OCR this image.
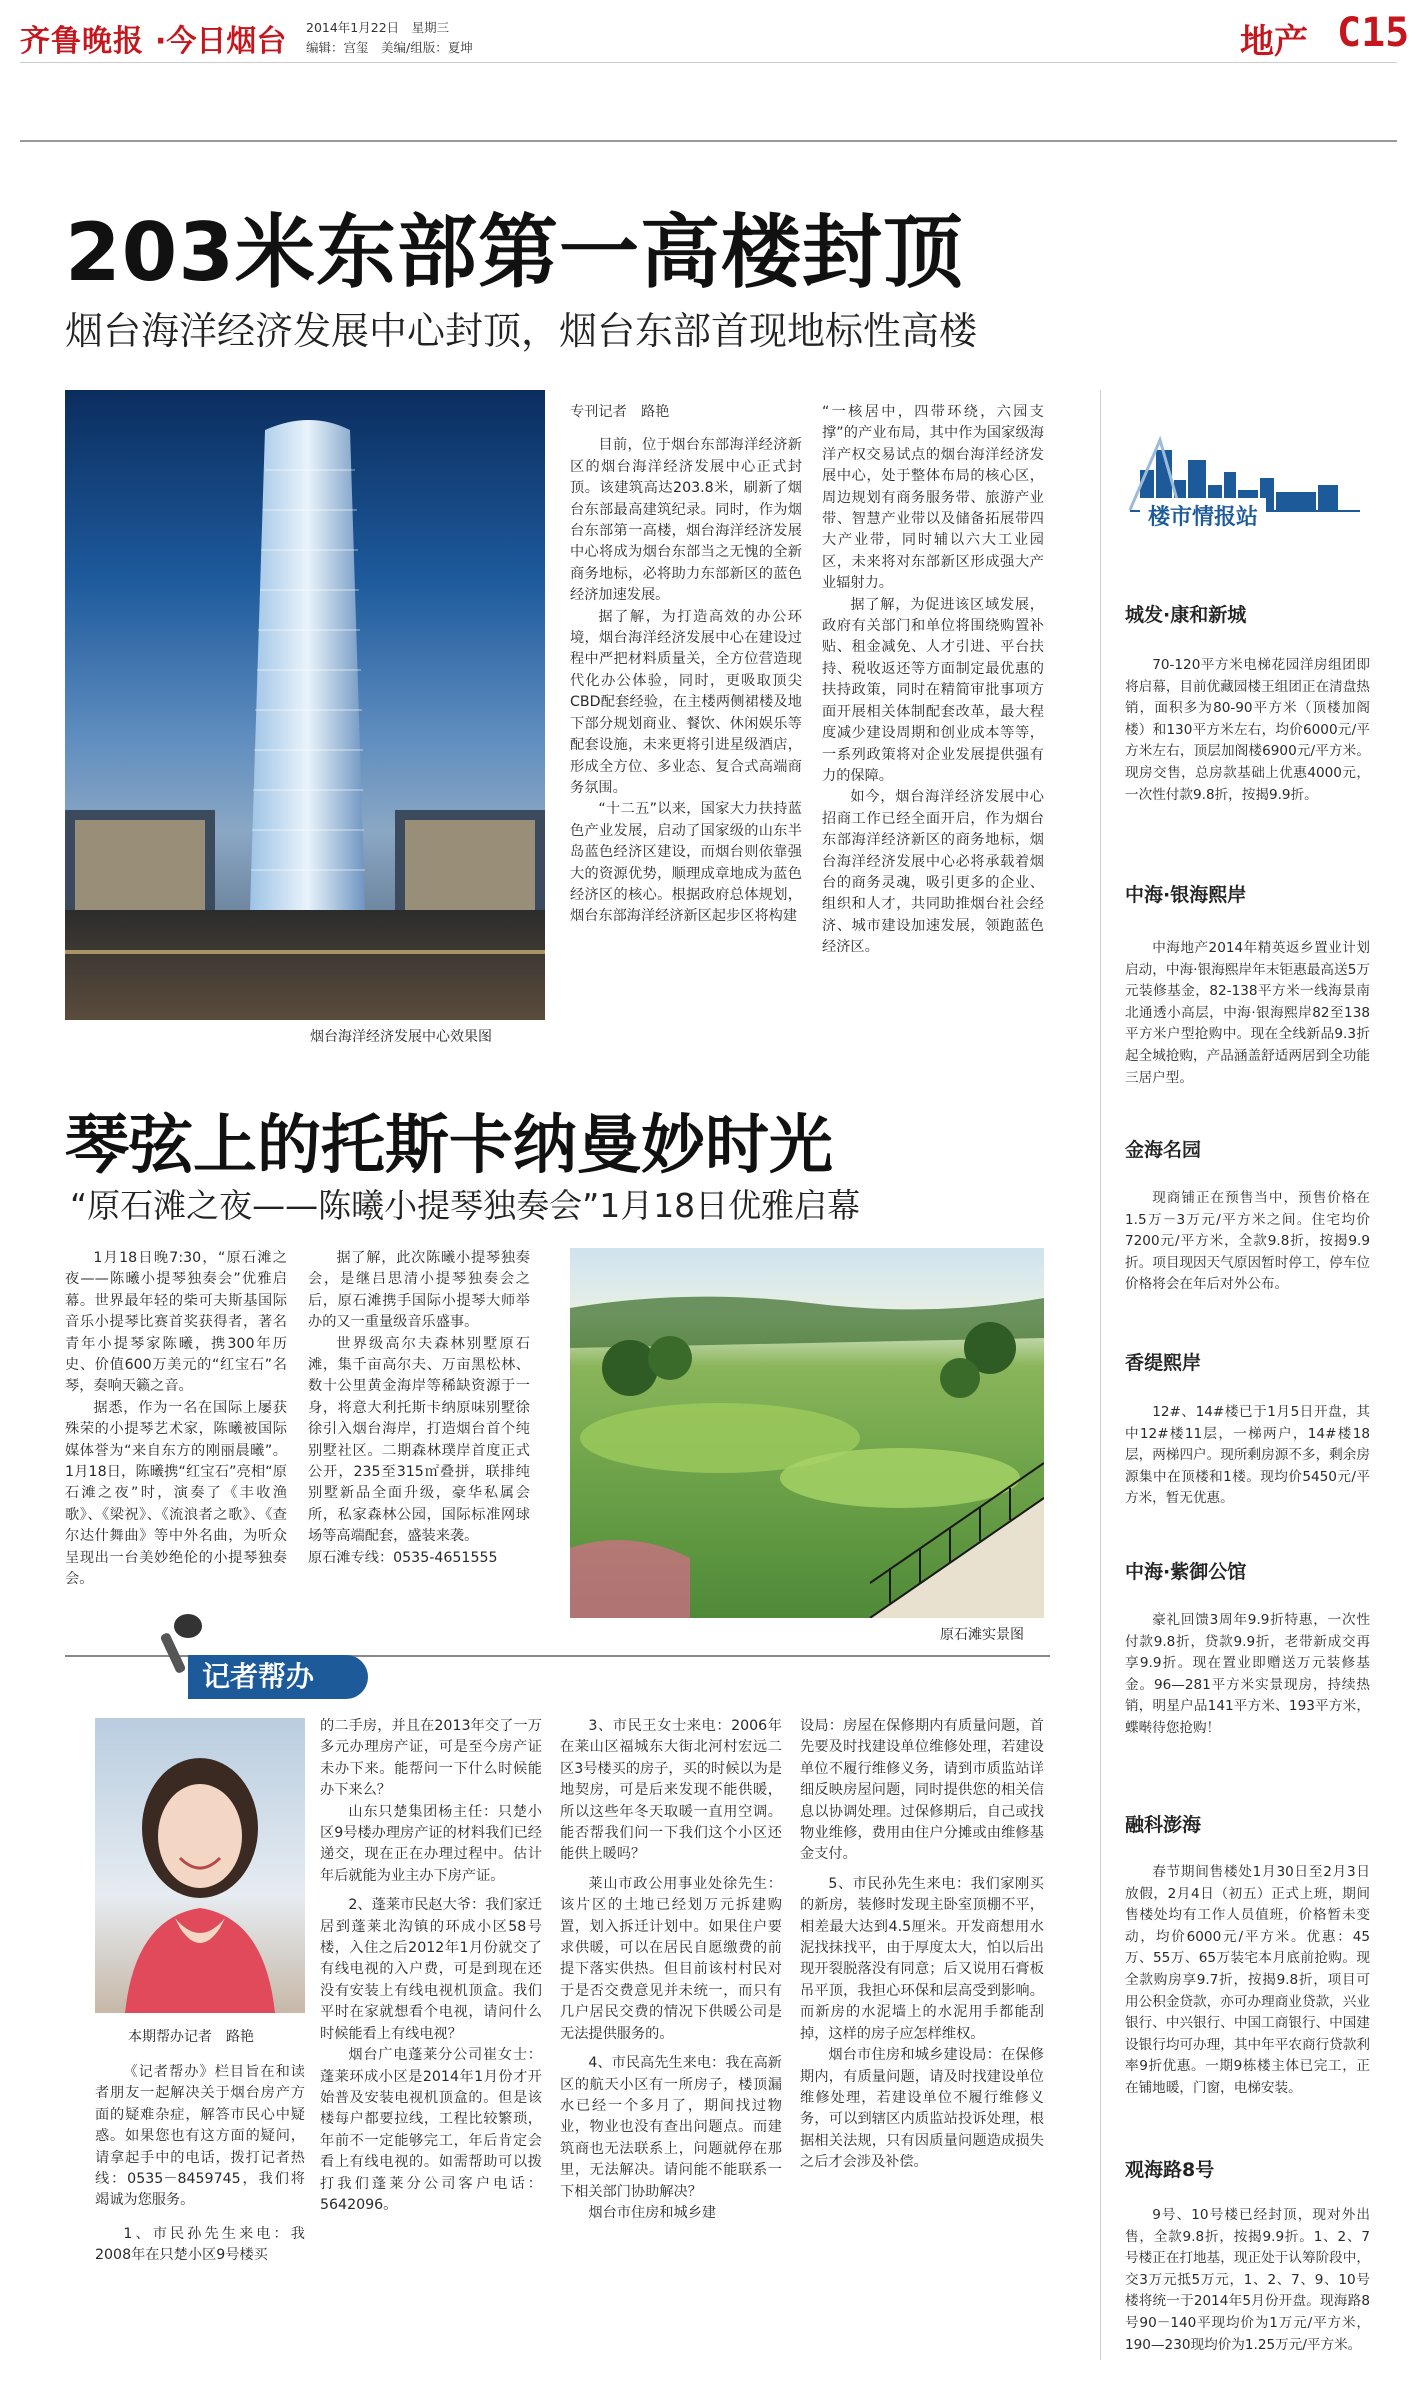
齐鲁晚报 ·今日烟台 2014年1月22日　星期三
编辑：宫玺　美编/组版：夏坤	地产 C15
203米东部第一高楼封顶
烟台海洋经济发展中心封顶，烟台东部首现地标性高楼
烟台海洋经济发展中心效果图

专刊记者　路艳

目前，位于烟台东部海洋经济新区的烟台海洋经济发展中心正式封顶。该建筑高达203.8米，刷新了烟台东部最高建筑纪录。同时，作为烟台东部第一高楼，烟台海洋经济发展中心将成为烟台东部当之无愧的全新商务地标，必将助力东部新区的蓝色经济加速发展。

据了解，为打造高效的办公环境，烟台海洋经济发展中心在建设过程中严把材料质量关，全方位营造现代化办公体验，同时，更吸取顶尖CBD配套经验，在主楼两侧裙楼及地下部分规划商业、餐饮、休闲娱乐等配套设施，未来更将引进星级酒店，形成全方位、多业态、复合式高端商务氛围。

“十二五”以来，国家大力扶持蓝色产业发展，启动了国家级的山东半岛蓝色经济区建设，而烟台则依靠强大的资源优势，顺理成章地成为蓝色经济区的核心。根据政府总体规划，烟台东部海洋经济新区起步区将构建

“一核居中，四带环绕，六园支撑”的产业布局，其中作为国家级海洋产权交易试点的烟台海洋经济发展中心，处于整体布局的核心区，周边规划有商务服务带、旅游产业带、智慧产业带以及储备拓展带四大产业带，同时辅以六大工业园区，未来将对东部新区形成强大产业辐射力。

据了解，为促进该区域发展，政府有关部门和单位将围绕购置补贴、租金减免、人才引进、平台扶持、税收返还等方面制定最优惠的扶持政策，同时在精简审批事项方面开展相关体制配套改革，最大程度减少建设周期和创业成本等等，一系列政策将对企业发展提供强有力的保障。

如今，烟台海洋经济发展中心招商工作已经全面开启，作为烟台东部海洋经济新区的商务地标，烟台海洋经济发展中心必将承载着烟台的商务灵魂，吸引更多的企业、组织和人才，共同助推烟台社会经济、城市建设加速发展，领跑蓝色经济区。

琴弦上的托斯卡纳曼妙时光
“原石滩之夜——陈曦小提琴独奏会”1月18日优雅启幕

1月18日晚7:30，“原石滩之夜——陈曦小提琴独奏会”优雅启幕。世界最年轻的柴可夫斯基国际音乐小提琴比赛首奖获得者，著名青年小提琴家陈曦，携300年历史、价值600万美元的“红宝石”名琴，奏响天籁之音。

据悉，作为一名在国际上屡获殊荣的小提琴艺术家，陈曦被国际媒体誉为“来自东方的刚丽晨曦”。1月18日，陈曦携“红宝石”亮相“原石滩之夜”时，演奏了《丰收渔歌》、《梁祝》、《流浪者之歌》、《查尔达什舞曲》等中外名曲，为听众呈现出一台美妙绝伦的小提琴独奏会。

据了解，此次陈曦小提琴独奏会，是继吕思清小提琴独奏会之后，原石滩携手国际小提琴大师举办的又一重量级音乐盛事。

世界级高尔夫森林别墅原石滩，集千亩高尔夫、万亩黑松林、数十公里黄金海岸等稀缺资源于一身，将意大利托斯卡纳原味别墅徐徐引入烟台海岸，打造烟台首个纯别墅社区。二期森林璞岸首度正式公开，235至315㎡叠拼，联排纯别墅新品全面升级，豪华私属会所，私家森林公园，国际标准网球场等高端配套，盛装来袭。

原石滩专线：0535-4651555

原石滩实景图
记者帮办
本期帮办记者　路艳

《记者帮办》栏目旨在和读者朋友一起解决关于烟台房产方面的疑难杂症，解答市民心中疑惑。如果您也有这方面的疑问，请拿起手中的电话，拨打记者热线：0535－8459745，我们将竭诚为您服务。

1、市民孙先生来电：我2008年在只楚小区9号楼买

的二手房，并且在2013年交了一万多元办理房产证，可是至今房产证未办下来。能帮问一下什么时候能办下来么？

山东只楚集团杨主任：只楚小区9号楼办理房产证的材料我们已经递交，现在正在办理过程中。估计年后就能为业主办下房产证。

2、蓬莱市民赵大爷：我们家迁居到蓬莱北沟镇的环成小区58号楼，入住之后2012年1月份就交了有线电视的入户费，可是到现在还没有安装上有线电视机顶盒。我们平时在家就想看个电视，请问什么时候能看上有线电视？

烟台广电蓬莱分公司崔女士：蓬莱环成小区是2014年1月份才开始普及安装电视机顶盒的。但是该楼每户都要拉线，工程比较繁琐，年前不一定能够完工，年后肯定会看上有线电视的。如需帮助可以拨打我们蓬莱分公司客户电话：5642096。

3、市民王女士来电：2006年在莱山区福城东大街北河村宏远二区3号楼买的房子，买的时候以为是地契房，可是后来发现不能供暖，所以这些年冬天取暖一直用空调。能否帮我们问一下我们这个小区还能供上暖吗？

莱山市政公用事业处徐先生：该片区的土地已经划万元拆建购置，划入拆迁计划中。如果住户要求供暖，可以在居民自愿缴费的前提下落实供热。但目前该村村民对于是否交费意见并未统一，而只有几户居民交费的情况下供暖公司是无法提供服务的。

4、市民高先生来电：我在高新区的航天小区有一所房子，楼顶漏水已经一个多月了，期间找过物业，物业也没有查出问题点。而建筑商也无法联系上，问题就停在那里，无法解决。请问能不能联系一下相关部门协助解决？

烟台市住房和城乡建

设局：房屋在保修期内有质量问题，首先要及时找建设单位维修处理，若建设单位不履行维修义务，请到市质监站详细反映房屋问题，同时提供您的相关信息以协调处理。过保修期后，自己或找物业维修，费用由住户分摊或由维修基金支付。

5、市民孙先生来电：我们家刚买的新房，装修时发现主卧室顶棚不平，相差最大达到4.5厘米。开发商想用水泥找抹找平，由于厚度太大，怕以后出现开裂脱落没有同意；后又说用石膏板吊平顶，我担心环保和层高受到影响。而新房的水泥墙上的水泥用手都能刮掉，这样的房子应怎样维权。

烟台市住房和城乡建设局：在保修期内，有质量问题，请及时找建设单位维修处理，若建设单位不履行维修义务，可以到辖区内质监站投诉处理，根据相关法规，只有因质量问题造成损失之后才会涉及补偿。

楼市情报站
城发·康和新城

70-120平方米电梯花园洋房组团即将启幕，目前优藏园楼王组团正在清盘热销，面积多为80-90平方米（顶楼加阁楼）和130平方米左右，均价6000元/平方米左右，顶层加阁楼6900元/平方米。现房交售，总房款基础上优惠4000元，一次性付款9.8折，按揭9.9折。

中海·银海熙岸

中海地产2014年精英返乡置业计划启动，中海·银海熙岸年末钜惠最高送5万元装修基金，82-138平方米一线海景南北通透小高层，中海·银海熙岸82至138平方米户型抢购中。现在全线新品9.3折起全城抢购，产品涵盖舒适两居到全功能三居户型。

金海名园

现商铺正在预售当中，预售价格在1.5万－3万元/平方米之间。住宅均价7200元/平方米，全款9.8折，按揭9.9折。项目现因天气原因暂时停工，停车位价格将会在年后对外公布。

香缇熙岸

12#、14#楼已于1月5日开盘，其中12#楼11层，一梯两户，14#楼18层，两梯四户。现所剩房源不多，剩余房源集中在顶楼和1楼。现均价5450元/平方米，暂无优惠。

中海·紫御公馆

豪礼回馈3周年9.9折特惠，一次性付款9.8折，贷款9.9折，老带新成交再享9.9折。现在置业即赠送万元装修基金。96—281平方米实景现房，持续热销，明星户品141平方米、193平方米，蝶啭待您抢购！

融科澎海

春节期间售楼处1月30日至2月3日放假，2月4日（初五）正式上班，期间售楼处均有工作人员值班，价格暂未变动，均价6000元/平方米。优惠：45万、55万、65万装宅本月底前抢购。现全款购房享9.7折，按揭9.8折，项目可用公积金贷款，亦可办理商业贷款，兴业银行、中兴银行、中国工商银行、中国建设银行均可办理，其中年平农商行贷款利率9折优惠。一期9栋楼主体已完工，正在铺地暖，门窗，电梯安装。

观海路8号

9号、10号楼已经封顶，现对外出售，全款9.8折，按揭9.9折。1、2、7号楼正在打地基，现正处于认筹阶段中，交3万元抵5万元，1、2、7、9、10号楼将统一于2014年5月份开盘。现海路8号90－140平现均价为1万元/平方米，190—230现均价为1.25万元/平方米。
